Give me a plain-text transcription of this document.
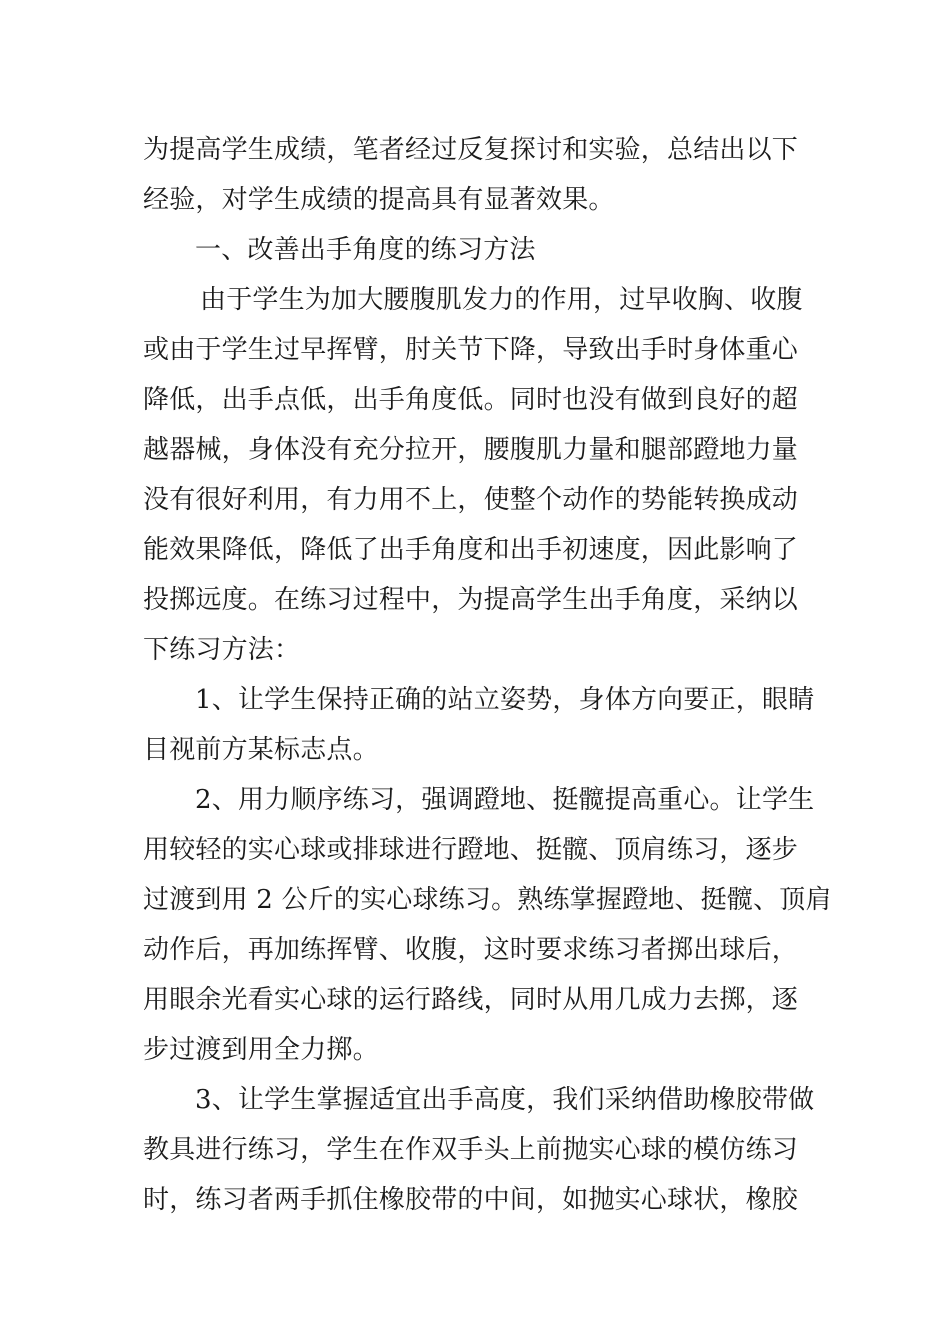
为提高学生成绩，笔者经过反复探讨和实验，总结出以下
经验，对学生成绩的提高具有显著效果。
一、改善出手角度的练习方法
由于学生为加大腰腹肌发力的作用，过早收胸、收腹
或由于学生过早挥臂，肘关节下降，导致出手时身体重心
降低，出手点低，出手角度低。同时也没有做到良好的超
越器械，身体没有充分拉开，腰腹肌力量和腿部蹬地力量
没有很好利用，有力用不上，使整个动作的势能转换成动
能效果降低，降低了出手角度和出手初速度，因此影响了
投掷远度。在练习过程中，为提高学生出手角度，采纳以
下练习方法：
1、让学生保持正确的站立姿势，身体方向要正，眼睛
目视前方某标志点。
2、用力顺序练习，强调蹬地、挺髋提高重心。让学生
用较轻的实心球或排球进行蹬地、挺髋、顶肩练习，逐步
过渡到用 2 公斤的实心球练习。熟练掌握蹬地、挺髋、顶肩
动作后，再加练挥臂、收腹，这时要求练习者掷出球后，
用眼余光看实心球的运行路线，同时从用几成力去掷，逐
步过渡到用全力掷。
3、让学生掌握适宜出手高度，我们采纳借助橡胶带做
教具进行练习，学生在作双手头上前抛实心球的模仿练习
时，练习者两手抓住橡胶带的中间，如抛实心球状，橡胶
